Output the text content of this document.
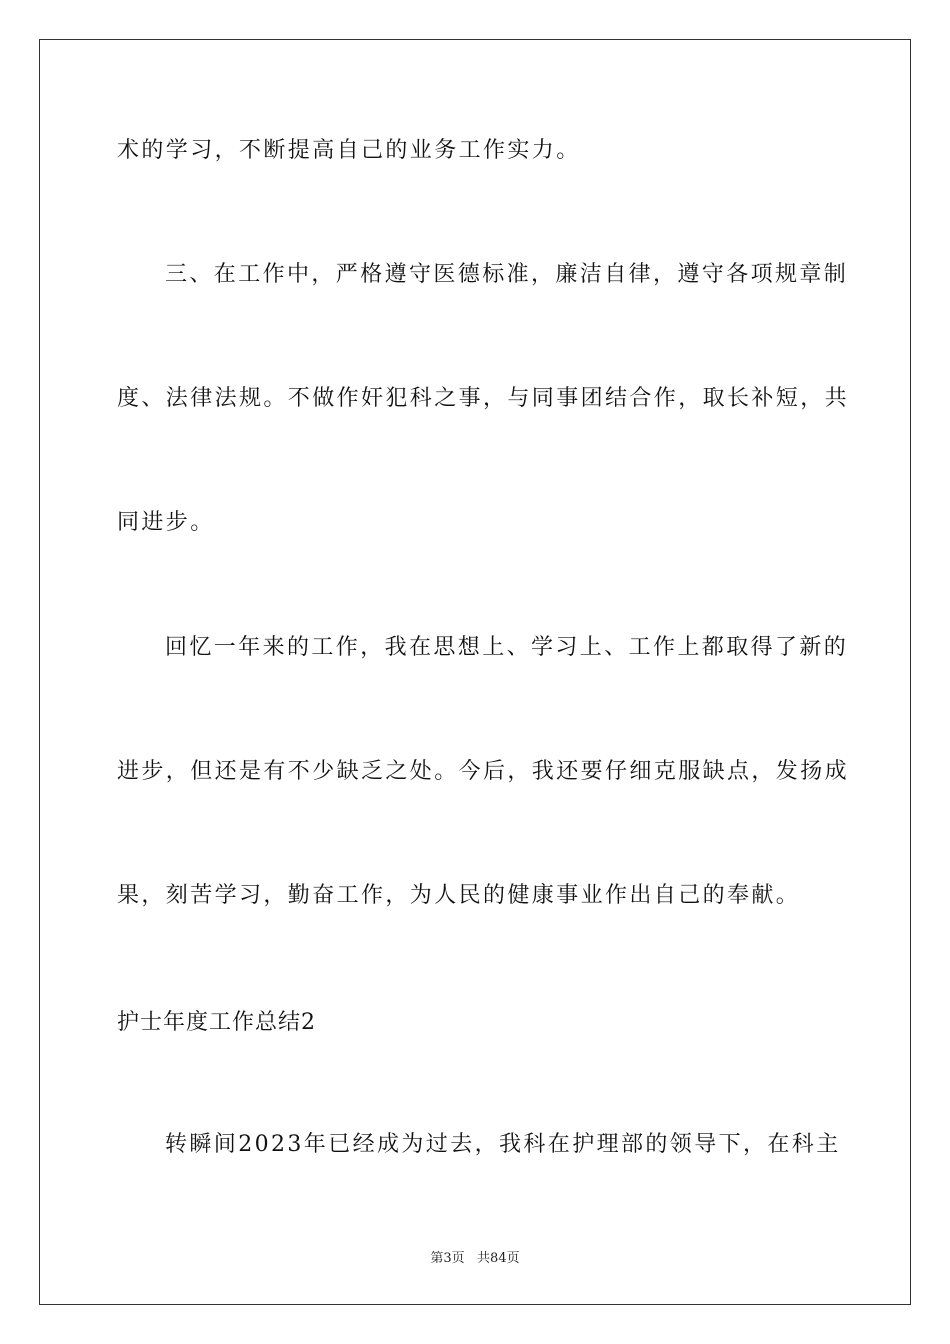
术的学习，不断提高自己的业务工作实力。
三、在工作中，严格遵守医德标准，廉洁自律，遵守各项规章制
度、法律法规。不做作奸犯科之事，与同事团结合作，取长补短，共
同进步。
回忆一年来的工作，我在思想上、学习上、工作上都取得了新的
进步，但还是有不少缺乏之处。今后，我还要仔细克服缺点，发扬成
果，刻苦学习，勤奋工作，为人民的健康事业作出自己的奉献。
护士年度工作总结2
转瞬间2023年已经成为过去，我科在护理部的领导下，在科主
第3页   共84页
